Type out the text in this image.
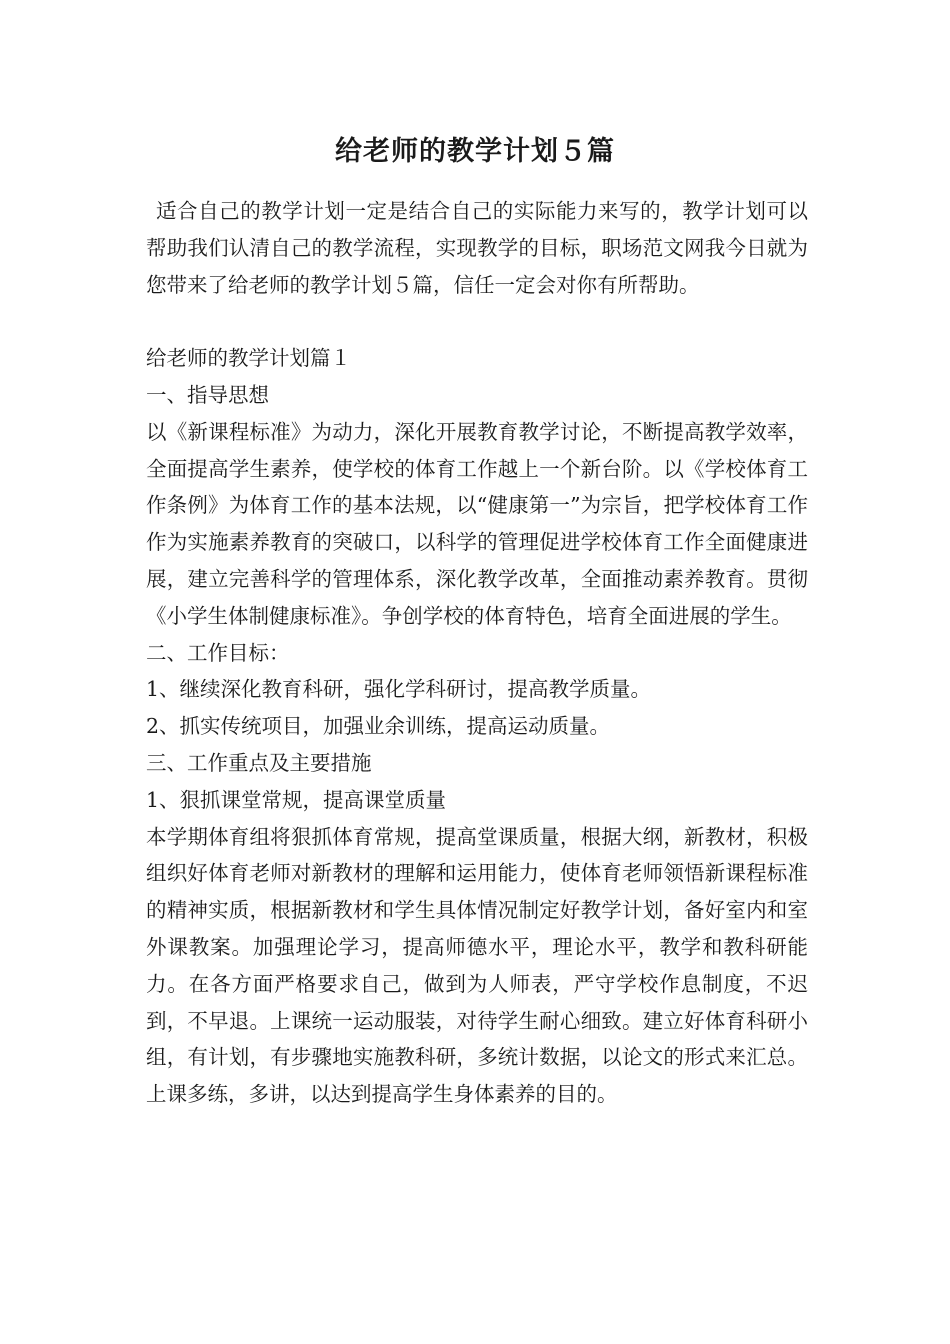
给老师的教学计划５篇

适合自己的教学计划一定是结合自己的实际能力来写的，教学计划可以帮助我们认清自己的教学流程，实现教学的目标，职场范文网我今日就为您带来了给老师的教学计划５篇，信任一定会对你有所帮助。

给老师的教学计划篇１

一、指导思想

以《新课程标准》为动力，深化开展教育教学讨论，不断提高教学效率，全面提高学生素养，使学校的体育工作越上一个新台阶。以《学校体育工作条例》为体育工作的基本法规，以“健康第一”为宗旨，把学校体育工作作为实施素养教育的突破口，以科学的管理促进学校体育工作全面健康进展，建立完善科学的管理体系，深化教学改革，全面推动素养教育。贯彻《小学生体制健康标准》。争创学校的体育特色，培育全面进展的学生。

二、工作目标：

1、继续深化教育科研，强化学科研讨，提高教学质量。

2、抓实传统项目，加强业余训练，提高运动质量。

三、工作重点及主要措施

1、狠抓课堂常规，提高课堂质量

本学期体育组将狠抓体育常规，提高堂课质量，根据大纲，新教材，积极组织好体育老师对新教材的理解和运用能力，使体育老师领悟新课程标准的精神实质，根据新教材和学生具体情况制定好教学计划，备好室内和室外课教案。加强理论学习，提高师德水平，理论水平，教学和教科研能力。在各方面严格要求自己，做到为人师表，严守学校作息制度，不迟到，不早退。上课统一运动服装，对待学生耐心细致。建立好体育科研小组，有计划，有步骤地实施教科研，多统计数据，以论文的形式来汇总。上课多练，多讲，以达到提高学生身体素养的目的。
